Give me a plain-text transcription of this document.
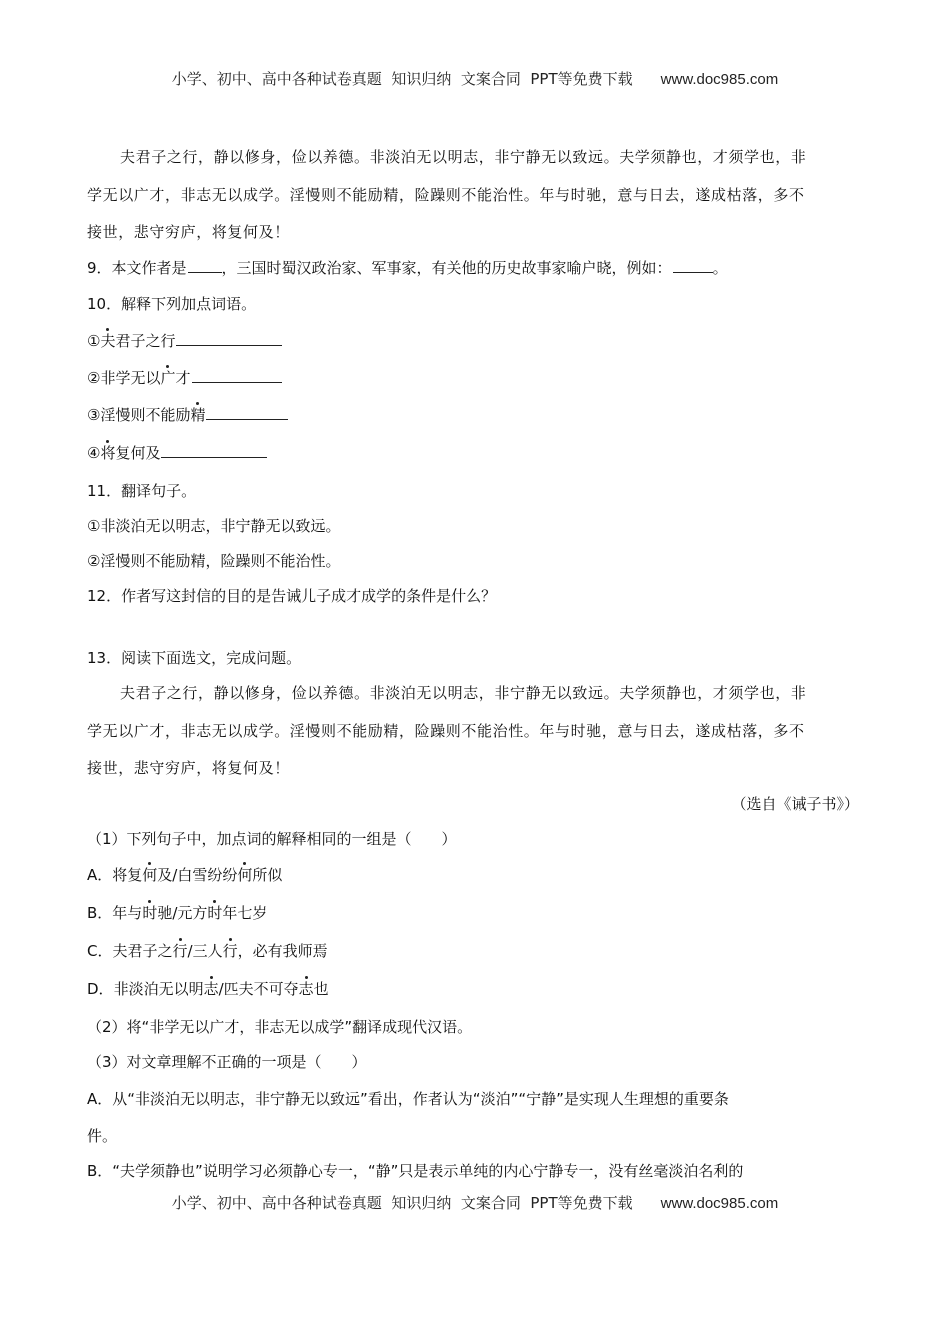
小学、初中、高中各种试卷真题  知识归纳  文案合同  PPT等免费下载 www.doc985.com
夫君子之行，静以修身，俭以养德。非淡泊无以明志，非宁静无以致远。夫学须静也，才须学也，非
学无以广才，非志无以成学。淫慢则不能励精，险躁则不能治性。年与时驰，意与日去，遂成枯落，多不
接世，悲守穷庐，将复何及！
9．本文作者是 ，三国时蜀汉政治家、军事家，有关他的历史故事家喻户晓，例如：	。
10．解释下列加点词语。
①夫君子之行
②非学无以广才
③淫慢则不能励精
④将复何及
11．翻译句子。
①非淡泊无以明志，非宁静无以致远。
②淫慢则不能励精，险躁则不能治性。
12．作者写这封信的目的是告诫儿子成才成学的条件是什么？
13．阅读下面选文，完成问题。
夫君子之行，静以修身，俭以养德。非淡泊无以明志，非宁静无以致远。夫学须静也，才须学也，非
学无以广才，非志无以成学。淫慢则不能励精，险躁则不能治性。年与时驰，意与日去，遂成枯落，多不
接世，悲守穷庐，将复何及！
（选自《诫子书》）
（1）下列句子中，加点词的解释相同的一组是（　　）
A．将复何及/白雪纷纷何所似
B．年与时驰/元方时年七岁
C．夫君子之行/三人行，必有我师焉
D．非淡泊无以明志/匹夫不可夺志也
（2）将“非学无以广才，非志无以成学”翻译成现代汉语。
（3）对文章理解不正确的一项是（　　）
A．从“非淡泊无以明志，非宁静无以致远”看出，作者认为“淡泊”“宁静”是实现人生理想的重要条
件。
B．“夫学须静也”说明学习必须静心专一，“静”只是表示单纯的内心宁静专一，没有丝毫淡泊名利的
小学、初中、高中各种试卷真题  知识归纳  文案合同  PPT等免费下载 www.doc985.com
